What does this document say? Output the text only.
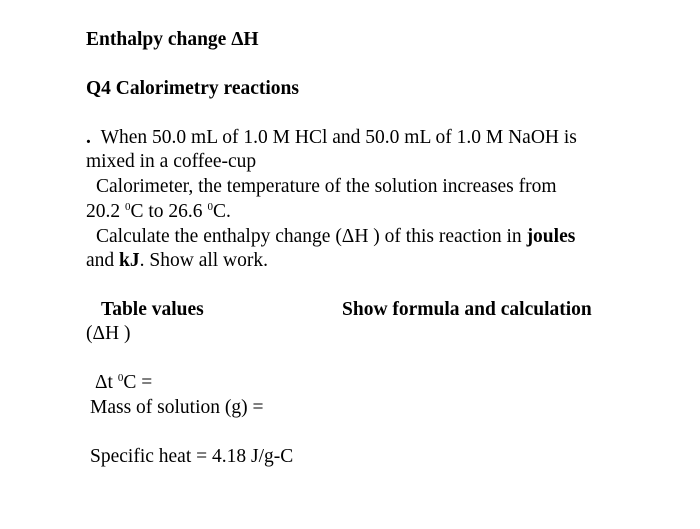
Enthalpy change ΔH
Q4 Calorimetry reactions
. When 50.0 mL of 1.0 M HCl and 50.0 mL of 1.0 M NaOH is
mixed in a coffee-cup
Calorimeter, the temperature of the solution increases from
20.2 $^0$C to 26.6 $^0$C.
Calculate the enthalpy change (ΔH ) of this reaction in joules
and kJ. Show all work.
Table values	Show formula and calculation
(ΔH )
Δt $^0$C =
Mass of solution (g) =
Specific heat = 4.18 J/g-C
